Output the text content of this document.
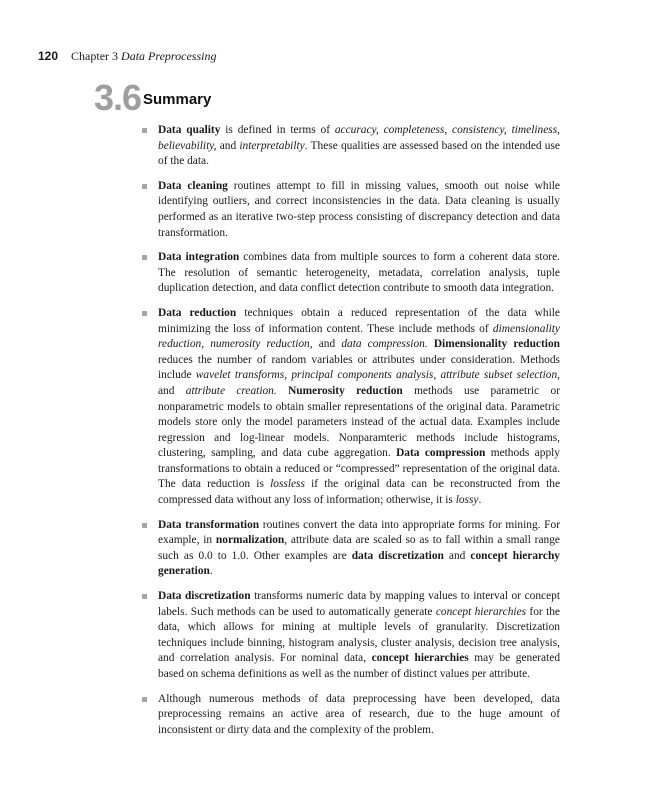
120 Chapter 3 Data Preprocessing
3.6 Summary
Data quality is defined in terms of accuracy, completeness, consistency, timeliness, believability, and interpretabilty. These qualities are assessed based on the intended use of the data.
Data cleaning routines attempt to fill in missing values, smooth out noise while identifying outliers, and correct inconsistencies in the data. Data cleaning is usually performed as an iterative two-step process consisting of discrepancy detection and data transformation.
Data integration combines data from multiple sources to form a coherent data store. The resolution of semantic heterogeneity, metadata, correlation analysis, tuple duplication detection, and data conflict detection contribute to smooth data integration.
Data reduction techniques obtain a reduced representation of the data while minimizing the loss of information content. These include methods of dimensionality reduction, numerosity reduction, and data compression. Dimensionality reduction reduces the number of random variables or attributes under consideration. Methods include wavelet transforms, principal components analysis, attribute subset selection, and attribute creation. Numerosity reduction methods use parametric or nonparametric models to obtain smaller representations of the original data. Parametric models store only the model parameters instead of the actual data. Examples include regression and log-linear models. Nonparamteric methods include histograms, clustering, sampling, and data cube aggregation. Data compression methods apply transformations to obtain a reduced or “compressed” representation of the original data. The data reduction is lossless if the original data can be reconstructed from the compressed data without any loss of information; otherwise, it is lossy.
Data transformation routines convert the data into appropriate forms for mining. For example, in normalization, attribute data are scaled so as to fall within a small range such as 0.0 to 1.0. Other examples are data discretization and concept hierarchy generation.
Data discretization transforms numeric data by mapping values to interval or concept labels. Such methods can be used to automatically generate concept hierarchies for the data, which allows for mining at multiple levels of granularity. Discretization techniques include binning, histogram analysis, cluster analysis, decision tree analysis, and correlation analysis. For nominal data, concept hierarchies may be generated based on schema definitions as well as the number of distinct values per attribute.
Although numerous methods of data preprocessing have been developed, data preprocessing remains an active area of research, due to the huge amount of inconsistent or dirty data and the complexity of the problem.
